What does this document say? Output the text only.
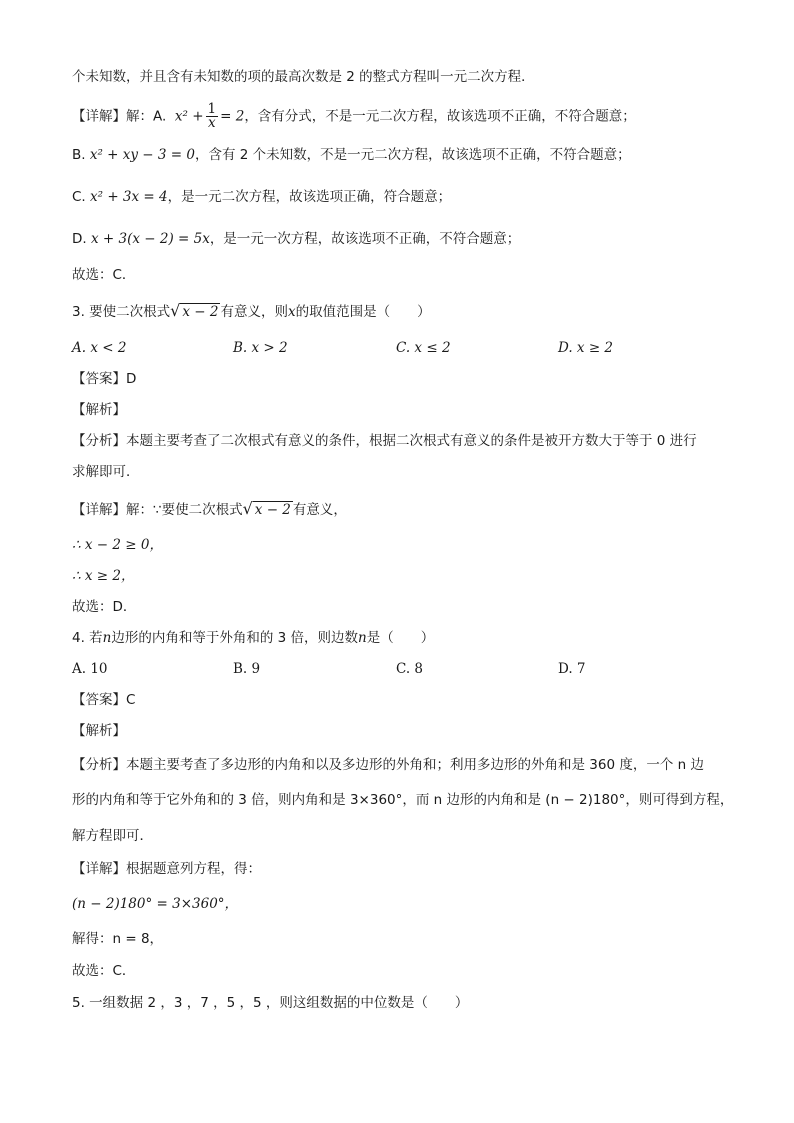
个未知数，并且含有未知数的项的最高次数是 2 的整式方程叫一元二次方程．
【详解】解：A.  $x^2 + \frac{1}{x} = 2$，含有分式，不是一元二次方程，故该选项不正确，不符合题意；
B. x² + xy − 3 = 0，含有 2 个未知数，不是一元二次方程，故该选项不正确，不符合题意；
C. x² + 3x = 4，是一元二次方程，故该选项正确，符合题意；
D. x + 3(x − 2) = 5x，是一元一次方程，故该选项不正确，不符合题意；
故选：C．
3. 要使二次根式√ x − 2 有意义，则x的取值范围是（　　）
A. x < 2	B. x > 2	C. x ≤ 2	D. x ≥ 2
【答案】D
【解析】
【分析】本题主要考查了二次根式有意义的条件，根据二次根式有意义的条件是被开方数大于等于 0 进行
求解即可．
【详解】解：∵要使二次根式√ x − 2 有意义，
∴ x − 2 ≥ 0，
∴ x ≥ 2，
故选：D．
4. 若n边形的内角和等于外角和的 3 倍，则边数n是（　　）
A. 10	B. 9	C. 8	D. 7
【答案】C
【解析】
【分析】本题主要考查了多边形的内角和以及多边形的外角和；利用多边形的外角和是 360 度，一个 n 边
形的内角和等于它外角和的 3 倍，则内角和是 3×360°，而 n 边形的内角和是 (n − 2)180°，则可得到方程，
解方程即可．
【详解】根据题意列方程，得：
(n − 2)180° = 3×360°，
解得：n = 8，
故选：C．
5. 一组数据 2 ，3 ，7 ，5 ，5 ，则这组数据的中位数是（　　）
